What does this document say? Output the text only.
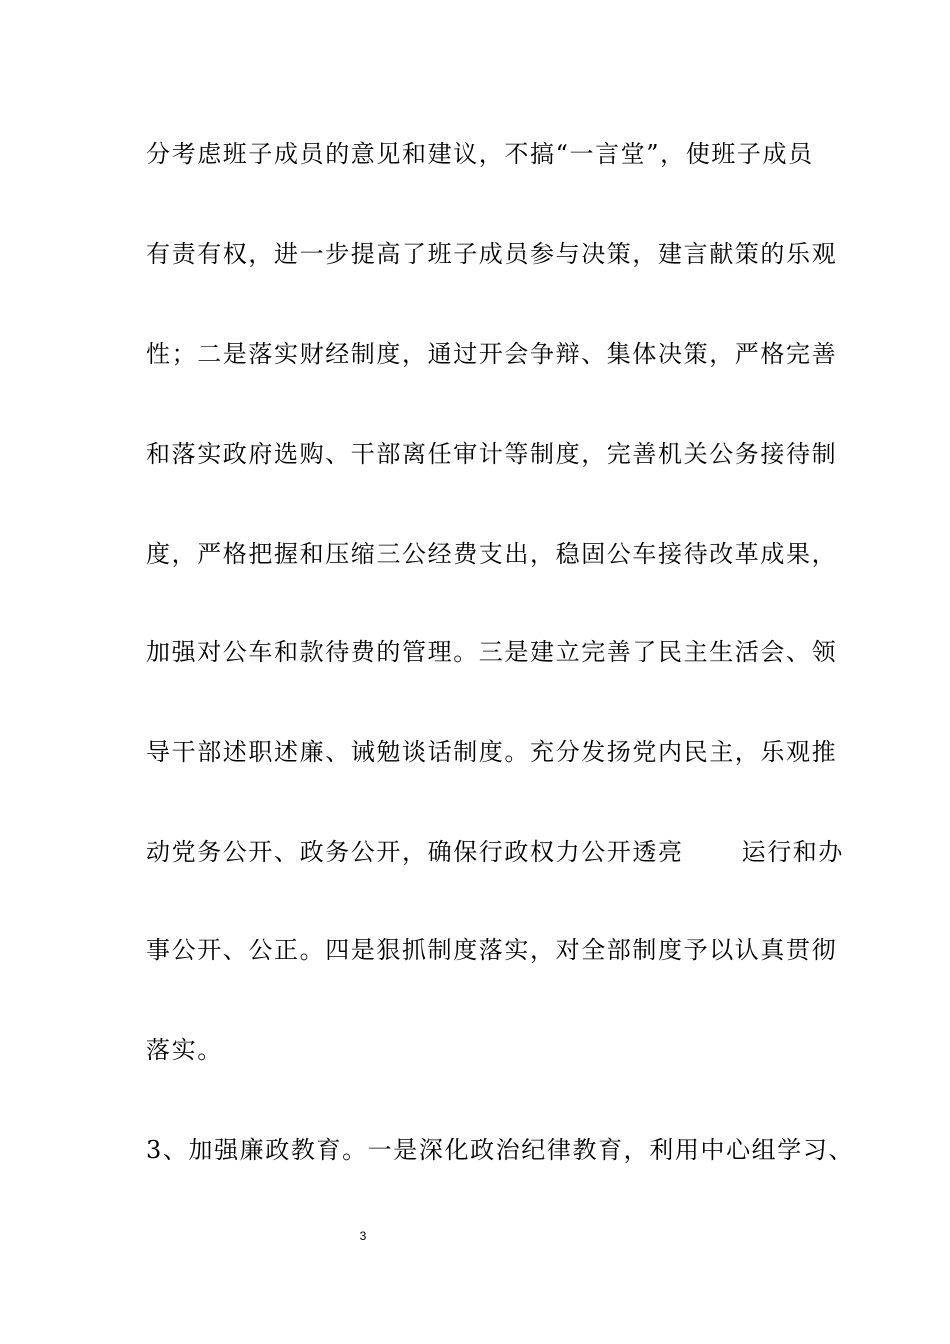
分考虑班子成员的意见和建议，不搞“一言堂”，使班子成员
有责有权，进一步提高了班子成员参与决策，建言献策的乐观
性；二是落实财经制度，通过开会争辩、集体决策，严格完善
和落实政府选购、干部离任审计等制度，完善机关公务接待制
度，严格把握和压缩三公经费支出，稳固公车接待改革成果，
加强对公车和款待费的管理。三是建立完善了民主生活会、领
导干部述职述廉、诫勉谈话制度。充分发扬党内民主，乐观推
动党务公开、政务公开，确保行政权力公开透亮 运行和办
事公开、公正。四是狠抓制度落实，对全部制度予以认真贯彻
落实。
3、加强廉政教育。一是深化政治纪律教育，利用中心组学习、
3
